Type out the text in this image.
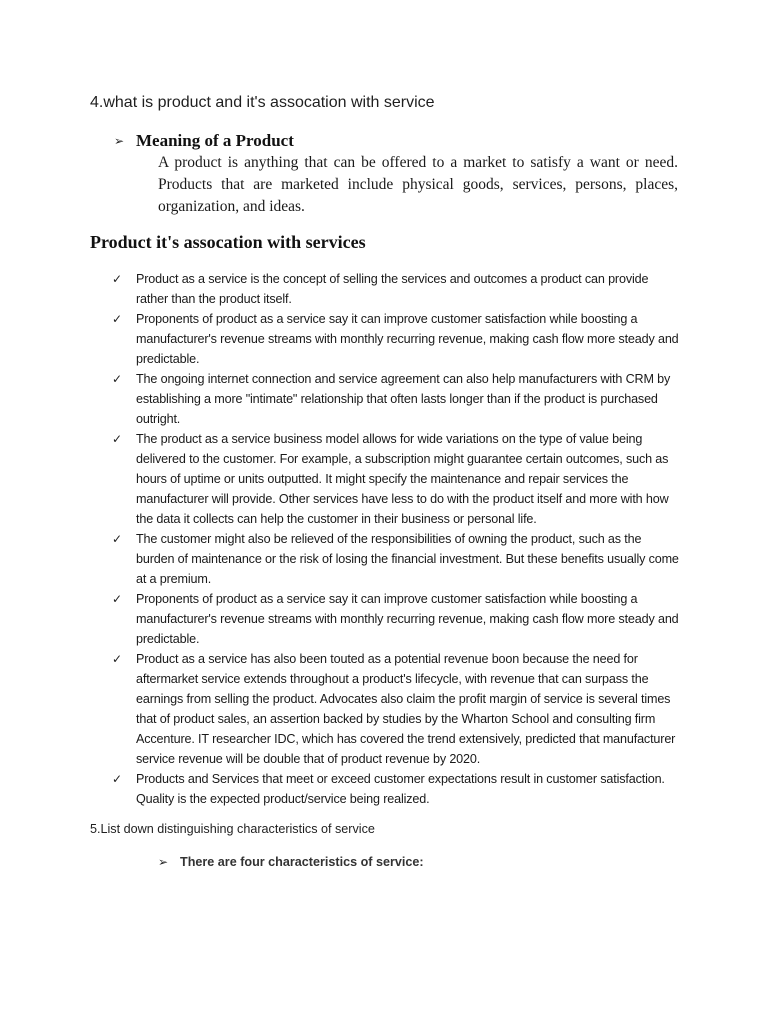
4.what is product and it's assocation with service
➢ Meaning of a Product
A product is anything that can be offered to a market to satisfy a want or need. Products that are marketed include physical goods, services, persons, places, organization, and ideas.
Product it's assocation with services
✓ Product as a service is the concept of selling the services and outcomes a product can provide rather than the product itself.
✓ Proponents of product as a service say it can improve customer satisfaction while boosting a manufacturer's revenue streams with monthly recurring revenue, making cash flow more steady and predictable.
✓ The ongoing internet connection and service agreement can also help manufacturers with CRM by establishing a more "intimate" relationship that often lasts longer than if the product is purchased outright.
✓ The product as a service business model allows for wide variations on the type of value being delivered to the customer. For example, a subscription might guarantee certain outcomes, such as hours of uptime or units outputted. It might specify the maintenance and repair services the manufacturer will provide. Other services have less to do with the product itself and more with how the data it collects can help the customer in their business or personal life.
✓ The customer might also be relieved of the responsibilities of owning the product, such as the burden of maintenance or the risk of losing the financial investment. But these benefits usually come at a premium.
✓ Proponents of product as a service say it can improve customer satisfaction while boosting a manufacturer's revenue streams with monthly recurring revenue, making cash flow more steady and predictable.
✓ Product as a service has also been touted as a potential revenue boon because the need for aftermarket service extends throughout a product's lifecycle, with revenue that can surpass the earnings from selling the product. Advocates also claim the profit margin of service is several times that of product sales, an assertion backed by studies by the Wharton School and consulting firm Accenture. IT researcher IDC, which has covered the trend extensively, predicted that manufacturer service revenue will be double that of product revenue by 2020.
✓ Products and Services that meet or exceed customer expectations result in customer satisfaction. Quality is the expected product/service being realized.
5.List down distinguishing characteristics of service
➢ There are four characteristics of service:
